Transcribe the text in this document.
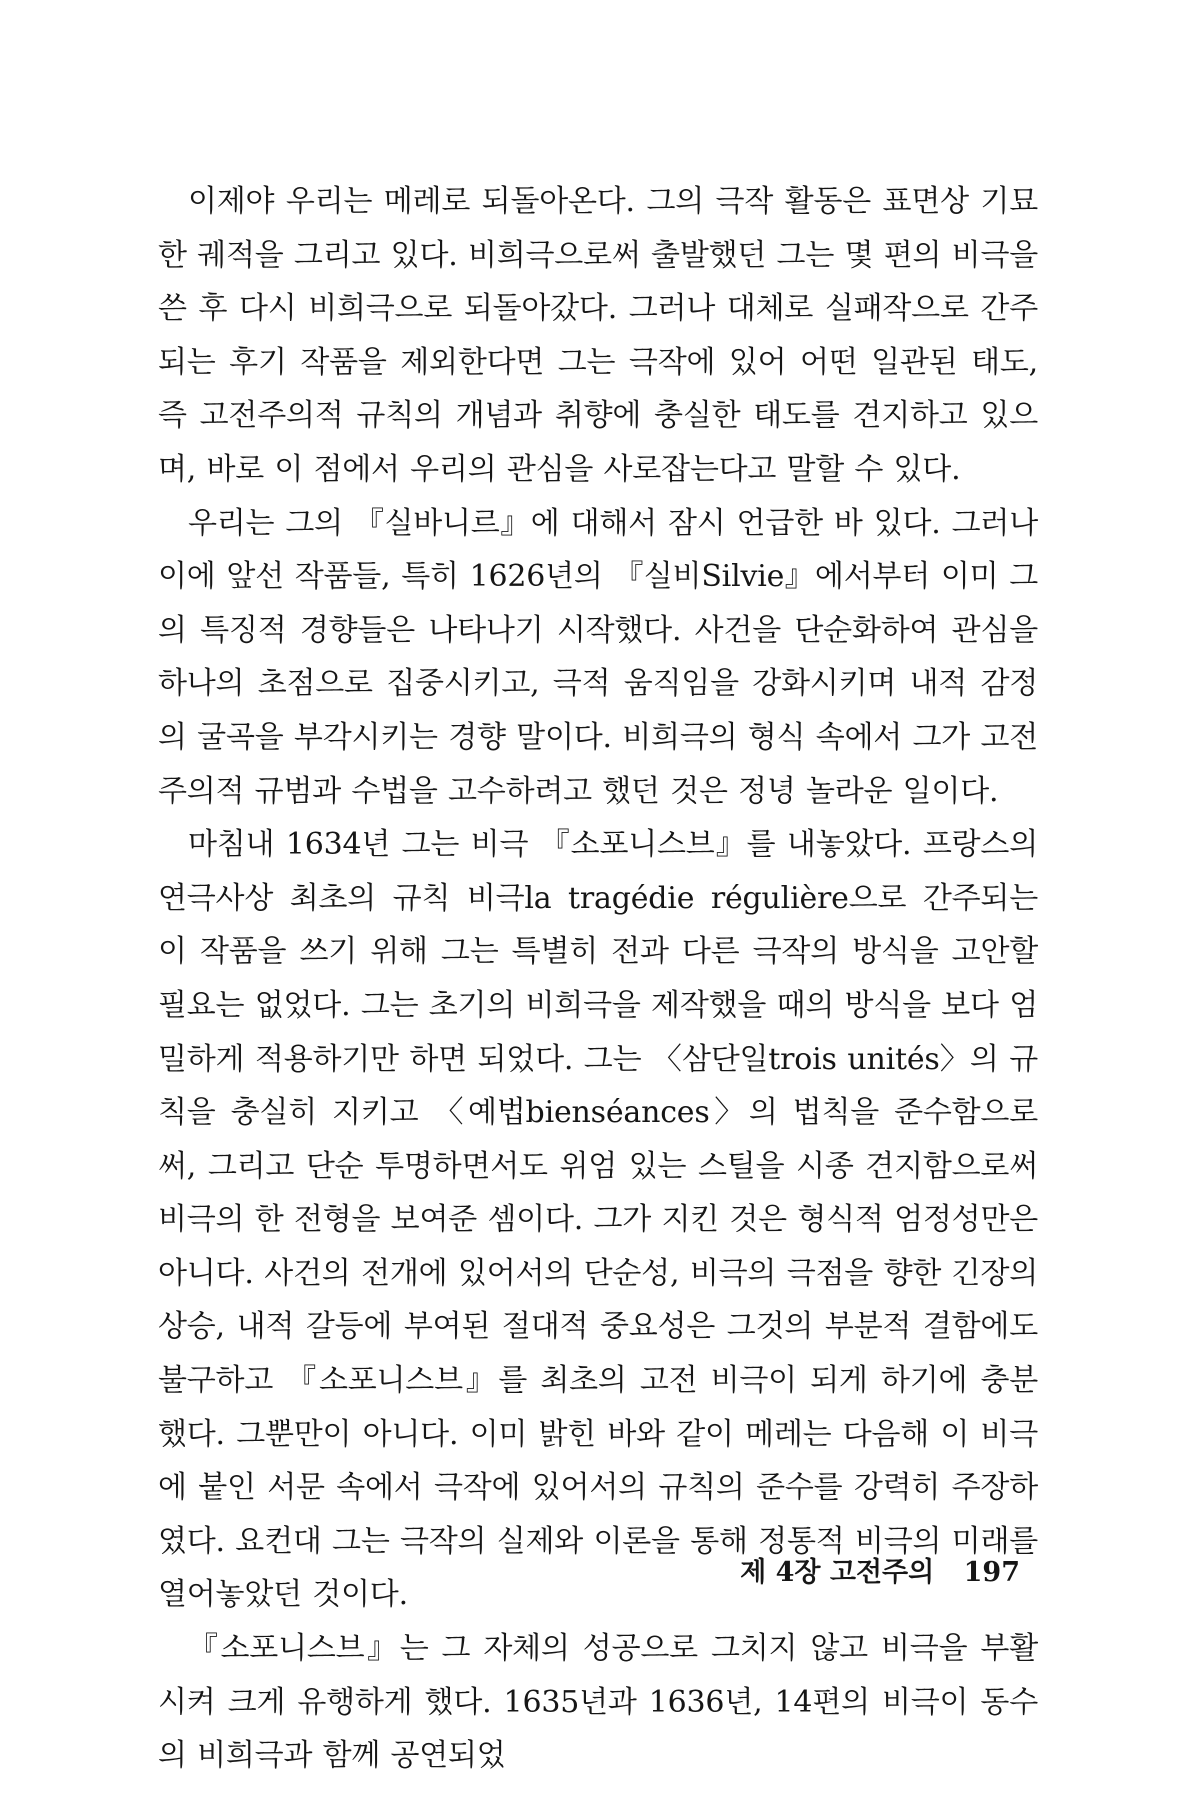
이제야 우리는 메레로 되돌아온다. 그의 극작 활동은 표면상 기묘한 궤적을 그리고 있다. 비희극으로써 출발했던 그는 몇 편의 비극을 쓴 후 다시 비희극으로 되돌아갔다. 그러나 대체로 실패작으로 간주되는 후기 작품을 제외한다면 그는 극작에 있어 어떤 일관된 태도, 즉 고전주의적 규칙의 개념과 취향에 충실한 태도를 견지하고 있으며, 바로 이 점에서 우리의 관심을 사로잡는다고 말할 수 있다.

우리는 그의 『실바니르』에 대해서 잠시 언급한 바 있다. 그러나 이에 앞선 작품들, 특히 1626년의 『실비Silvie』에서부터 이미 그의 특징적 경향들은 나타나기 시작했다. 사건을 단순화하여 관심을 하나의 초점으로 집중시키고, 극적 움직임을 강화시키며 내적 감정의 굴곡을 부각시키는 경향 말이다. 비희극의 형식 속에서 그가 고전주의적 규범과 수법을 고수하려고 했던 것은 정녕 놀라운 일이다.

마침내 1634년 그는 비극 『소포니스브』를 내놓았다. 프랑스의 연극사상 최초의 규칙 비극la tragédie régulière으로 간주되는 이 작품을 쓰기 위해 그는 특별히 전과 다른 극작의 방식을 고안할 필요는 없었다. 그는 초기의 비희극을 제작했을 때의 방식을 보다 엄밀하게 적용하기만 하면 되었다. 그는 〈삼단일trois unités〉의 규칙을 충실히 지키고 〈예법bienséances〉의 법칙을 준수함으로써, 그리고 단순 투명하면서도 위엄 있는 스틸을 시종 견지함으로써 비극의 한 전형을 보여준 셈이다. 그가 지킨 것은 형식적 엄정성만은 아니다. 사건의 전개에 있어서의 단순성, 비극의 극점을 향한 긴장의 상승, 내적 갈등에 부여된 절대적 중요성은 그것의 부분적 결함에도 불구하고 『소포니스브』를 최초의 고전 비극이 되게 하기에 충분했다. 그뿐만이 아니다. 이미 밝힌 바와 같이 메레는 다음해 이 비극에 붙인 서문 속에서 극작에 있어서의 규칙의 준수를 강력히 주장하였다. 요컨대 그는 극작의 실제와 이론을 통해 정통적 비극의 미래를 열어놓았던 것이다.

『소포니스브』는 그 자체의 성공으로 그치지 않고 비극을 부활시켜 크게 유행하게 했다. 1635년과 1636년, 14편의 비극이 동수의 비희극과 함께 공연되었

제 4장 고전주의 197
